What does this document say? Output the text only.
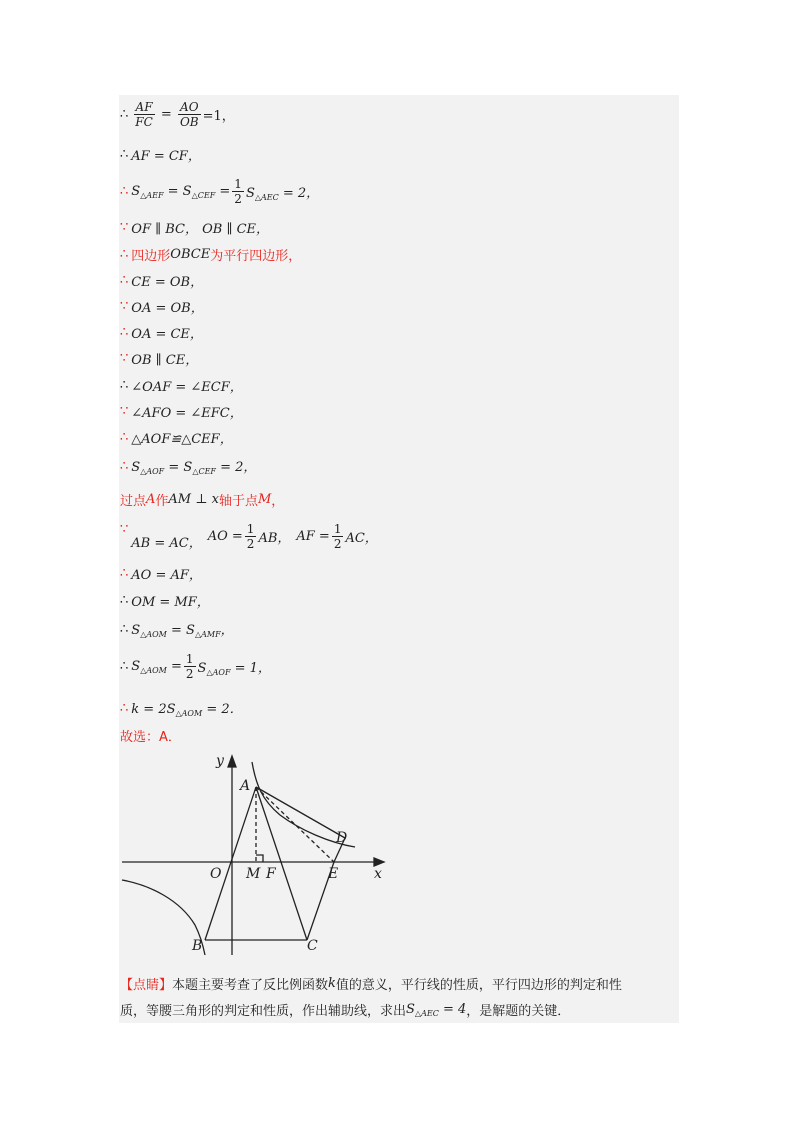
∴ $\frac{AF}{FC} = \frac{AO}{OB} =1$，
∴ AF = CF，
∴ $S_{\triangle AEF} = S_{\triangle CEF} = \frac{1}{2} S_{\triangle AEC} = 2$，
∵ OF ∥ BC， OB ∥ CE，
∴ 四边形 OBCE 为平行四边形，
∴ CE = OB，
∵ OA = OB，
∴ OA = CE，
∵ OB ∥ CE，
∴ ∠OAF = ∠ECF，
∵ ∠AFO = ∠EFC，
∴ △AOF≌△CEF，
∴ $S_{\triangle AOF} = S_{\triangle CEF} = 2$，
过点 A 作 AM ⊥ x 轴于点 M ，
∵
AB = AC， AO = $\frac{1}{2}$ AB， AF = $\frac{1}{2}$ AC，
∴ AO = AF，
∴ OM = MF，
∴ $S_{\triangle AOM} = S_{\triangle AMF}$，
∴ $S_{\triangle AOM} = \frac{1}{2} S_{\triangle AOF} = 1$，
∴ $k = 2S_{\triangle AOM} = 2$．
故选：A．
y
x
A
D
O M F	E
B	C
【点睛】 本题主要考查了反比例函数 k 值的意义，平行线的性质，平行四边形的判定和性
质，等腰三角形的判定和性质，作出辅助线，求出 $S_{\triangle AEC} = 4$ ，是解题的关键．
